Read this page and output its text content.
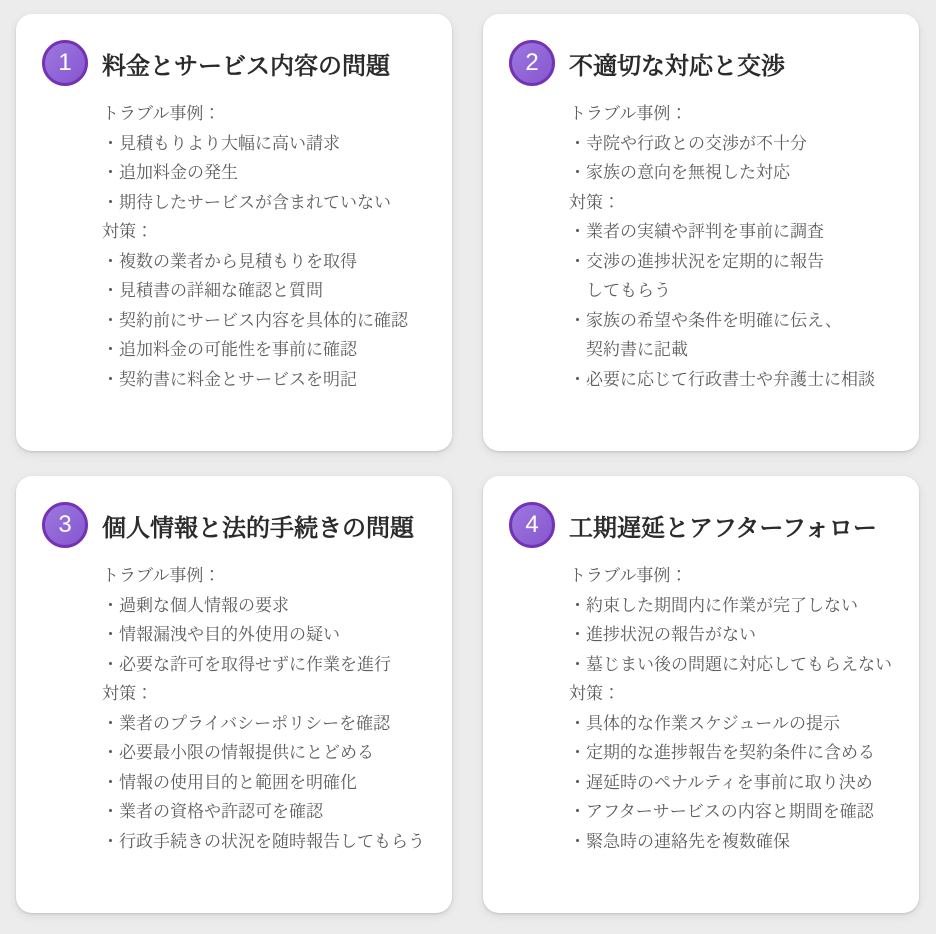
1 料金とサービス内容の問題
トラブル事例：
・見積もりより大幅に高い請求
・追加料金の発生
・期待したサービスが含まれていない
対策：
・複数の業者から見積もりを取得
・見積書の詳細な確認と質問
・契約前にサービス内容を具体的に確認
・追加料金の可能性を事前に確認
・契約書に料金とサービスを明記
2 不適切な対応と交渉
トラブル事例：
・寺院や行政との交渉が不十分
・家族の意向を無視した対応
対策：
・業者の実績や評判を事前に調査
・交渉の進捗状況を定期的に報告
してもらう
・家族の希望や条件を明確に伝え、
契約書に記載
・必要に応じて行政書士や弁護士に相談
3 個人情報と法的手続きの問題
トラブル事例：
・過剰な個人情報の要求
・情報漏洩や目的外使用の疑い
・必要な許可を取得せずに作業を進行
対策：
・業者のプライバシーポリシーを確認
・必要最小限の情報提供にとどめる
・情報の使用目的と範囲を明確化
・業者の資格や許認可を確認
・行政手続きの状況を随時報告してもらう
4 工期遅延とアフターフォロー
トラブル事例：
・約束した期間内に作業が完了しない
・進捗状況の報告がない
・墓じまい後の問題に対応してもらえない
対策：
・具体的な作業スケジュールの提示
・定期的な進捗報告を契約条件に含める
・遅延時のペナルティを事前に取り決め
・アフターサービスの内容と期間を確認
・緊急時の連絡先を複数確保
